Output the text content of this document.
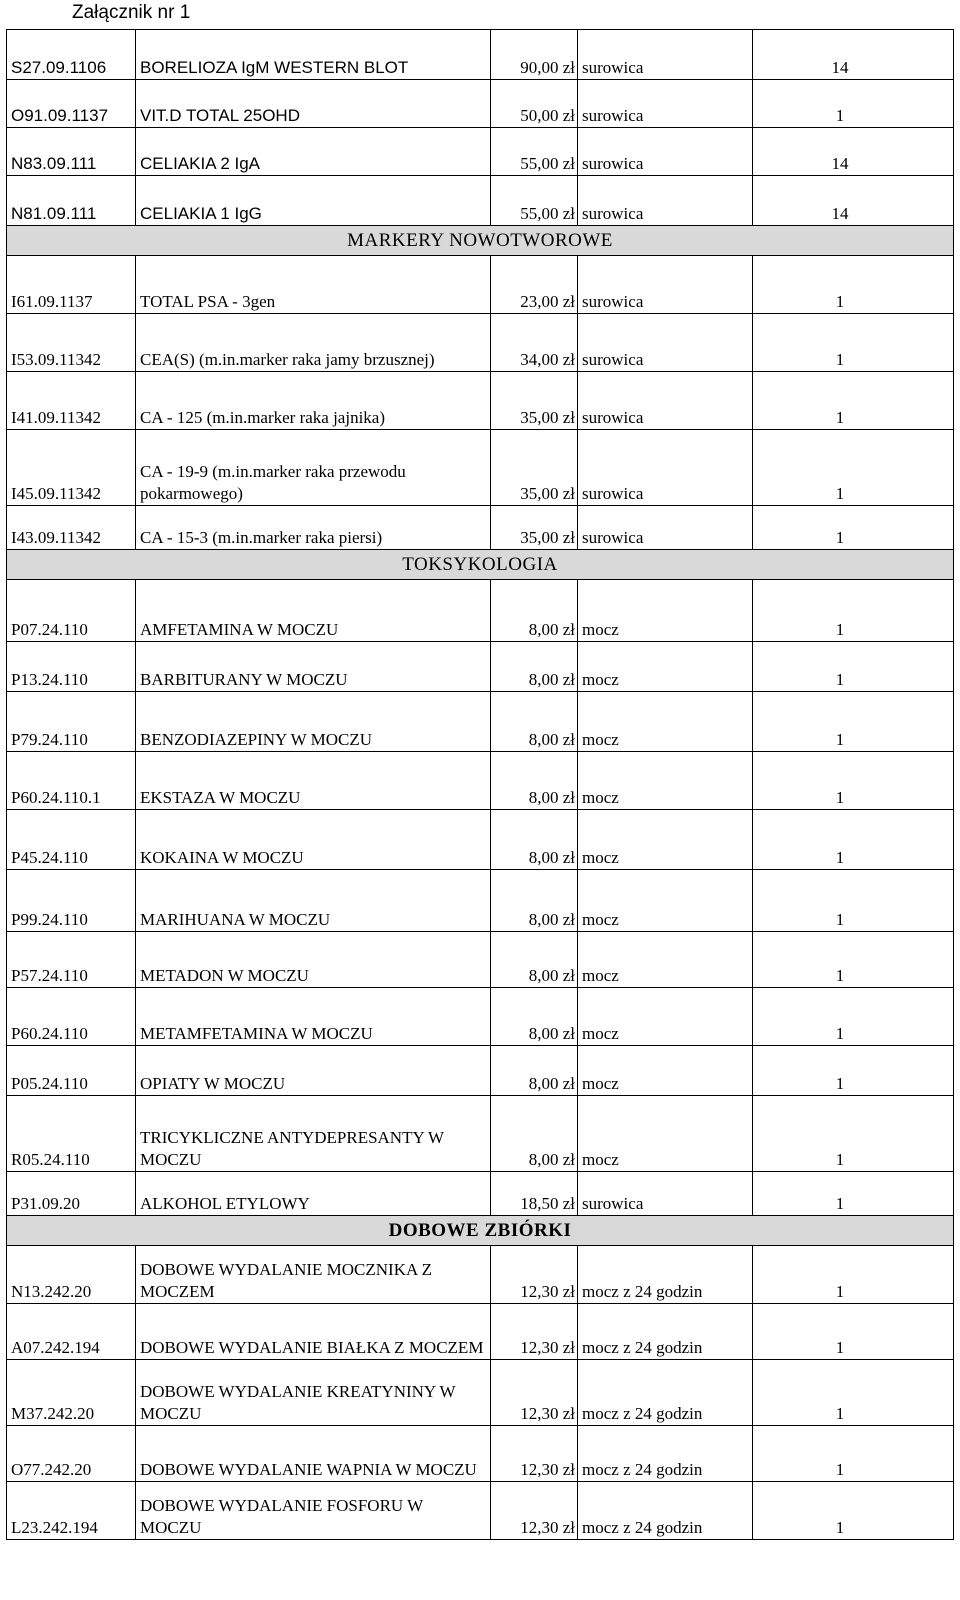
Załącznik nr 1
S27.09.1106	BORELIOZA IgM WESTERN BLOT	90,00 zł	surowica	14
O91.09.1137	VIT.D TOTAL 25OHD	50,00 zł	surowica	1
N83.09.111	CELIAKIA 2 IgA	55,00 zł	surowica	14
N81.09.111	CELIAKIA 1 IgG	55,00 zł	surowica	14
MARKERY NOWOTWOROWE				
I61.09.1137	TOTAL PSA - 3gen	23,00 zł	surowica	1
I53.09.11342	CEA(S) (m.in.marker raka jamy brzusznej)	34,00 zł	surowica	1
I41.09.11342	CA - 125 (m.in.marker raka jajnika)	35,00 zł	surowica	1
I45.09.11342	CA - 19-9 (m.in.marker raka przewodu pokarmowego)	35,00 zł	surowica	1
I43.09.11342	CA - 15-3 (m.in.marker raka piersi)	35,00 zł	surowica	1
TOKSYKOLOGIA				
P07.24.110	AMFETAMINA W MOCZU	8,00 zł	mocz	1
P13.24.110	BARBITURANY W MOCZU	8,00 zł	mocz	1
P79.24.110	BENZODIAZEPINY W MOCZU	8,00 zł	mocz	1
P60.24.110.1	EKSTAZA W MOCZU	8,00 zł	mocz	1
P45.24.110	KOKAINA W MOCZU	8,00 zł	mocz	1
P99.24.110	MARIHUANA W MOCZU	8,00 zł	mocz	1
P57.24.110	METADON W MOCZU	8,00 zł	mocz	1
P60.24.110	METAMFETAMINA W MOCZU	8,00 zł	mocz	1
P05.24.110	OPIATY W MOCZU	8,00 zł	mocz	1
R05.24.110	TRICYKLICZNE ANTYDEPRESANTY W MOCZU	8,00 zł	mocz	1
P31.09.20	ALKOHOL ETYLOWY	18,50 zł	surowica	1
DOBOWE ZBIÓRKI				
N13.242.20	DOBOWE WYDALANIE MOCZNIKA Z MOCZEM	12,30 zł	mocz z 24 godzin	1
A07.242.194	DOBOWE WYDALANIE BIAŁKA Z MOCZEM	12,30 zł	mocz z 24 godzin	1
M37.242.20	DOBOWE WYDALANIE KREATYNINY W MOCZU	12,30 zł	mocz z 24 godzin	1
O77.242.20	DOBOWE WYDALANIE WAPNIA W MOCZU	12,30 zł	mocz z 24 godzin	1
L23.242.194	DOBOWE WYDALANIE FOSFORU W MOCZU	12,30 zł	mocz z 24 godzin	1
